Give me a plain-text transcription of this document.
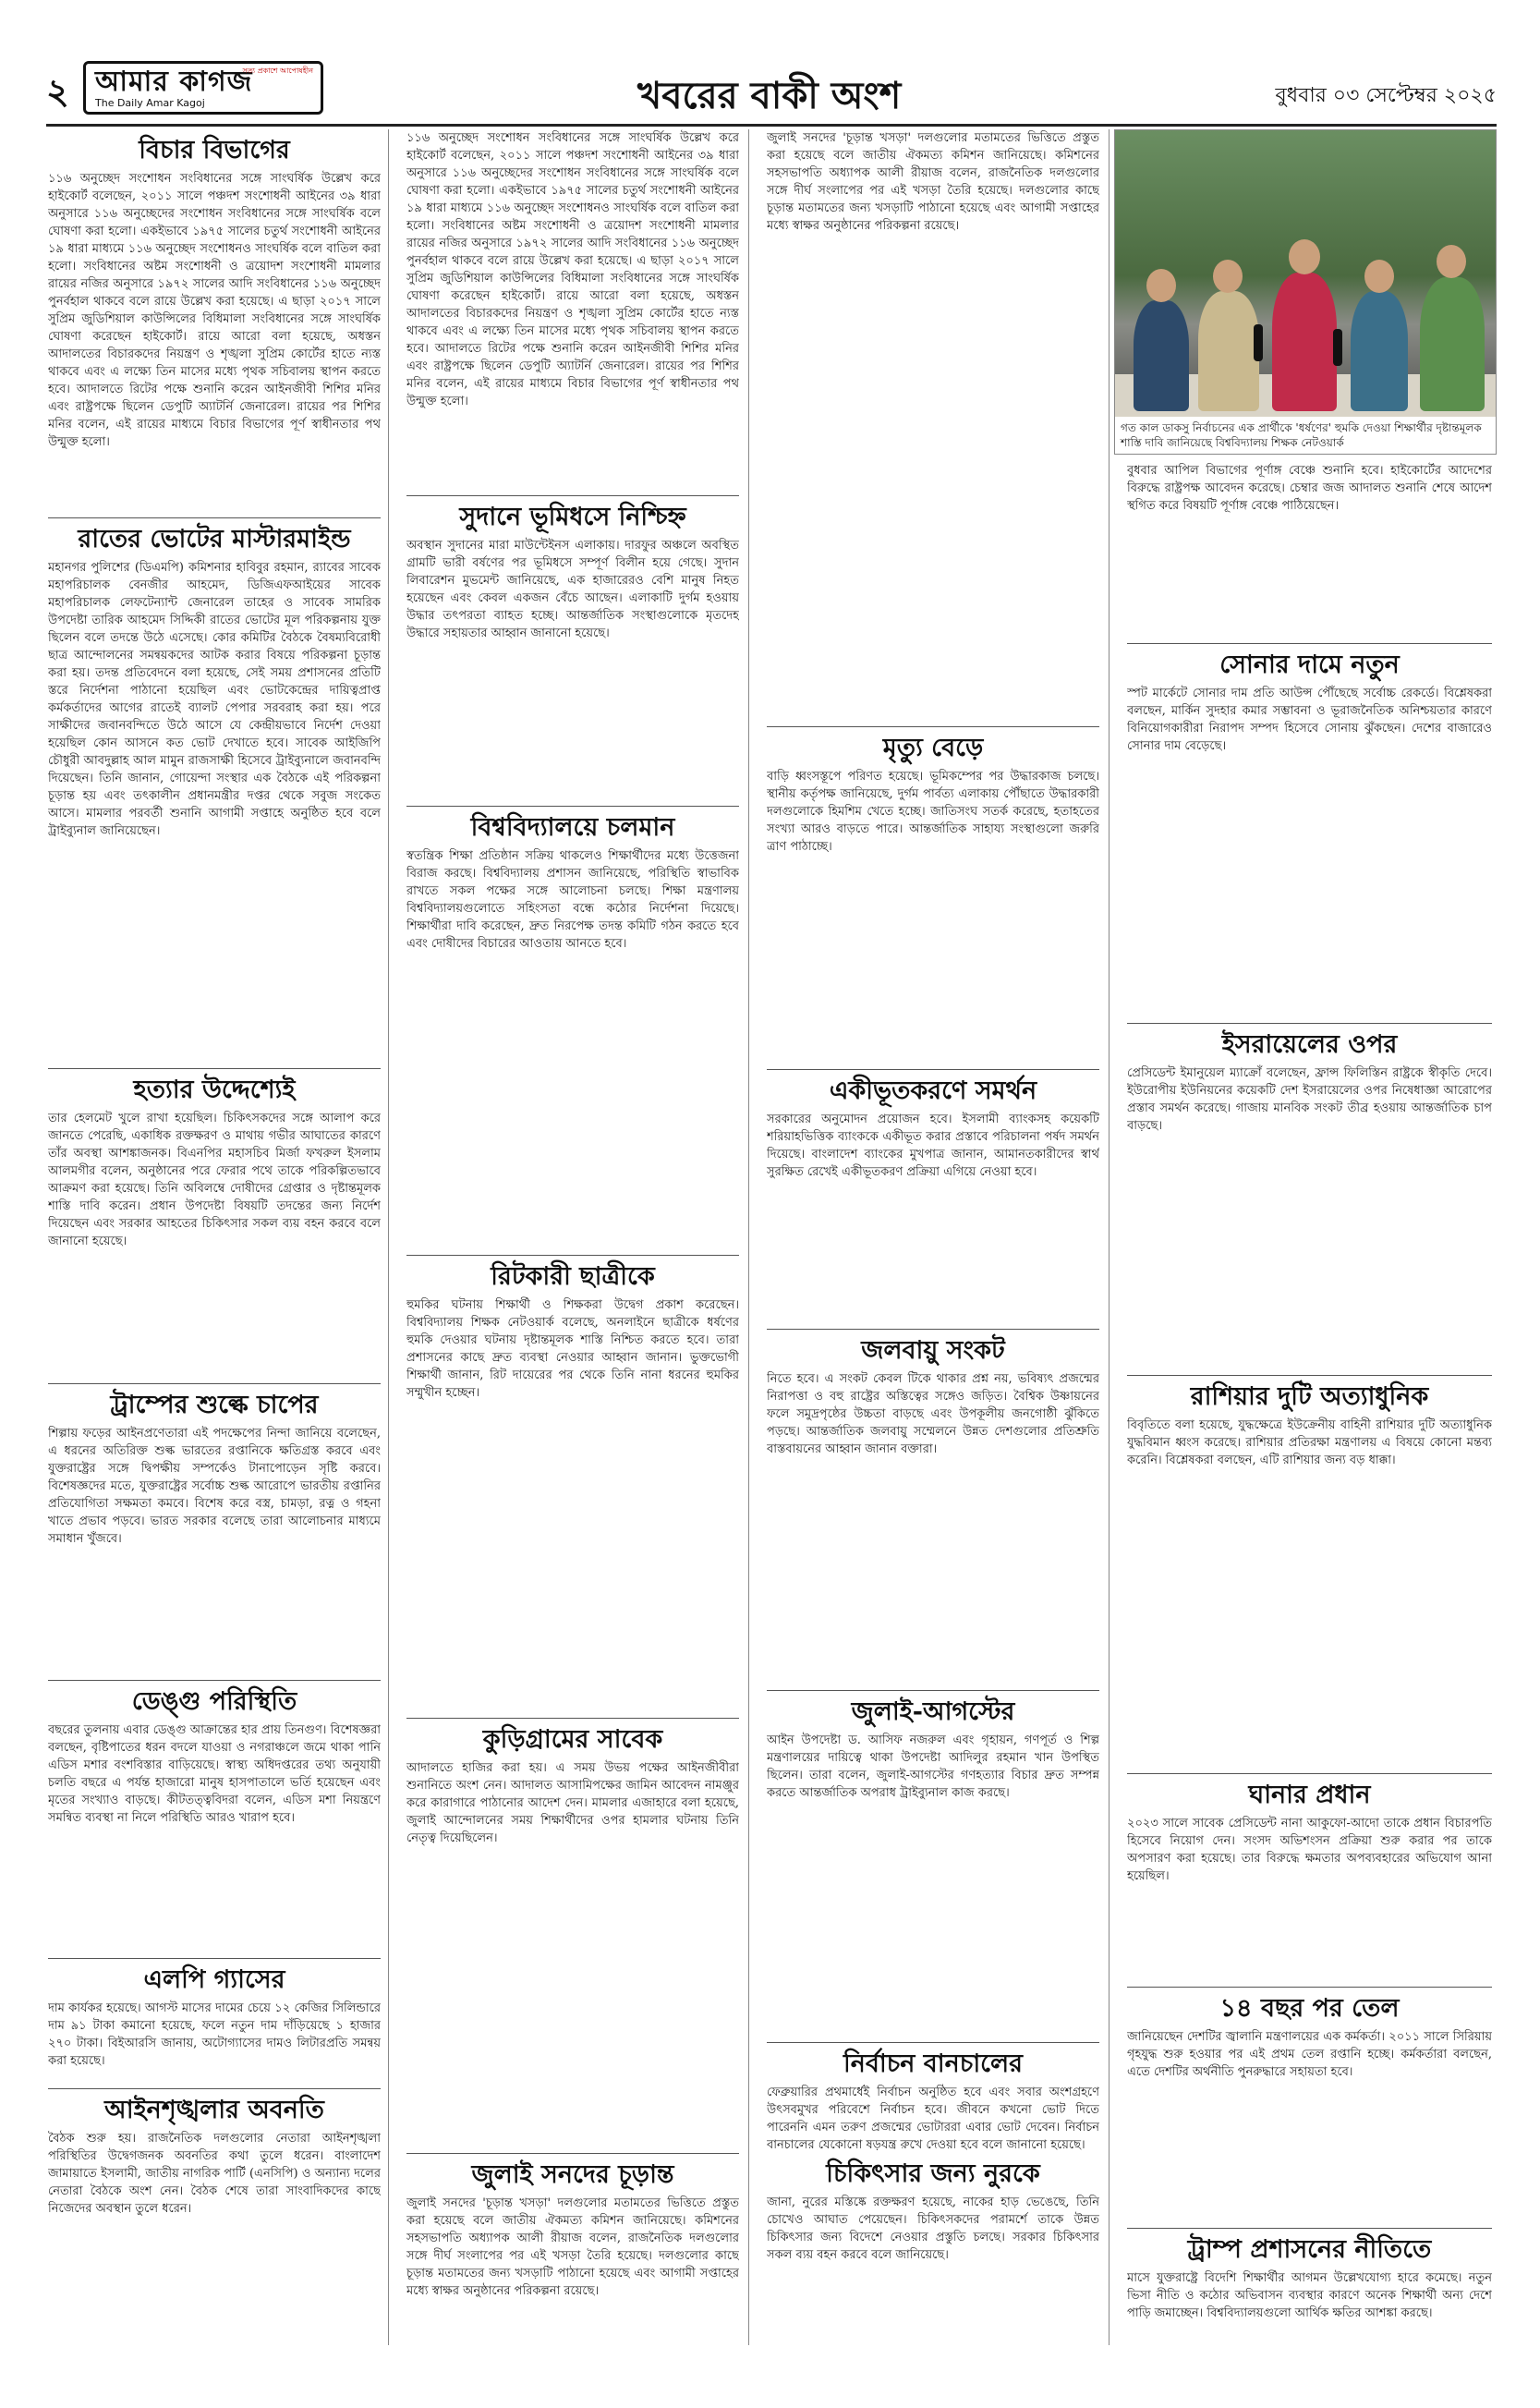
২	সত্য প্রকাশে আপোষহীন
আমার কাগজ
The Daily Amar Kagoj	খবরের বাকী অংশ	বুধবার ০৩ সেপ্টেম্বর ২০২৫
বিচার বিভাগের
১১৬ অনুচ্ছেদ সংশোধন সংবিধানের সঙ্গে সাংঘর্ষিক উল্লেখ করে হাইকোর্ট বলেছেন, ২০১১ সালে পঞ্চদশ সংশোধনী আইনের ৩৯ ধারা অনুসারে ১১৬ অনুচ্ছেদের সংশোধন সংবিধানের সঙ্গে সাংঘর্ষিক বলে ঘোষণা করা হলো। একইভাবে ১৯৭৫ সালের চতুর্থ সংশোধনী আইনের ১৯ ধারা মাধ্যমে ১১৬ অনুচ্ছেদ সংশোধনও সাংঘর্ষিক বলে বাতিল করা হলো। সংবিধানের অষ্টম সংশোধনী ও ত্রয়োদশ সংশোধনী মামলার রায়ের নজির অনুসারে ১৯৭২ সালের আদি সংবিধানের ১১৬ অনুচ্ছেদ পুনর্বহাল থাকবে বলে রায়ে উল্লেখ করা হয়েছে। এ ছাড়া ২০১৭ সালে সুপ্রিম জুডিশিয়াল কাউন্সিলের বিধিমালা সংবিধানের সঙ্গে সাংঘর্ষিক ঘোষণা করেছেন হাইকোর্ট। রায়ে আরো বলা হয়েছে, অধস্তন আদালতের বিচারকদের নিয়ন্ত্রণ ও শৃঙ্খলা সুপ্রিম কোর্টের হাতে ন্যস্ত থাকবে এবং এ লক্ষ্যে তিন মাসের মধ্যে পৃথক সচিবালয় স্থাপন করতে হবে। আদালতে রিটের পক্ষে শুনানি করেন আইনজীবী শিশির মনির এবং রাষ্ট্রপক্ষে ছিলেন ডেপুটি অ্যাটর্নি জেনারেল। রায়ের পর শিশির মনির বলেন, এই রায়ের মাধ্যমে বিচার বিভাগের পূর্ণ স্বাধীনতার পথ উন্মুক্ত হলো।
রাতের ভোটের মাস্টারমাইন্ড
মহানগর পুলিশের (ডিএমপি) কমিশনার হাবিবুর রহমান, র‍্যাবের সাবেক মহাপরিচালক বেনজীর আহমেদ, ডিজিএফআইয়ের সাবেক মহাপরিচালক লেফটেন্যান্ট জেনারেল তাহের ও সাবেক সামরিক উপদেষ্টা তারিক আহমেদ সিদ্দিকী রাতের ভোটের মূল পরিকল্পনায় যুক্ত ছিলেন বলে তদন্তে উঠে এসেছে। কোর কমিটির বৈঠকে বৈষম্যবিরোধী ছাত্র আন্দোলনের সমন্বয়কদের আটক করার বিষয়ে পরিকল্পনা চূড়ান্ত করা হয়। তদন্ত প্রতিবেদনে বলা হয়েছে, সেই সময় প্রশাসনের প্রতিটি স্তরে নির্দেশনা পাঠানো হয়েছিল এবং ভোটকেন্দ্রের দায়িত্বপ্রাপ্ত কর্মকর্তাদের আগের রাতেই ব্যালট পেপার সরবরাহ করা হয়। পরে সাক্ষীদের জবানবন্দিতে উঠে আসে যে কেন্দ্রীয়ভাবে নির্দেশ দেওয়া হয়েছিল কোন আসনে কত ভোট দেখাতে হবে। সাবেক আইজিপি চৌধুরী আবদুল্লাহ আল মামুন রাজসাক্ষী হিসেবে ট্রাইব্যুনালে জবানবন্দি দিয়েছেন। তিনি জানান, গোয়েন্দা সংস্থার এক বৈঠকে এই পরিকল্পনা চূড়ান্ত হয় এবং তৎকালীন প্রধানমন্ত্রীর দপ্তর থেকে সবুজ সংকেত আসে। মামলার পরবর্তী শুনানি আগামী সপ্তাহে অনুষ্ঠিত হবে বলে ট্রাইব্যুনাল জানিয়েছেন।
হত্যার উদ্দেশ্যেই
তার হেলমেট খুলে রাখা হয়েছিল। চিকিৎসকদের সঙ্গে আলাপ করে জানতে পেরেছি, একাধিক রক্তক্ষরণ ও মাথায় গভীর আঘাতের কারণে তাঁর অবস্থা আশঙ্কাজনক। বিএনপির মহাসচিব মির্জা ফখরুল ইসলাম আলমগীর বলেন, অনুষ্ঠানের পরে ফেরার পথে তাকে পরিকল্পিতভাবে আক্রমণ করা হয়েছে। তিনি অবিলম্বে দোষীদের গ্রেপ্তার ও দৃষ্টান্তমূলক শাস্তি দাবি করেন। প্রধান উপদেষ্টা বিষয়টি তদন্তের জন্য নির্দেশ দিয়েছেন এবং সরকার আহতের চিকিৎসার সকল ব্যয় বহন করবে বলে জানানো হয়েছে।
ট্রাম্পের শুল্কে চাপের
শিল্পায় ফড়ের আইনপ্রণেতারা এই পদক্ষেপের নিন্দা জানিয়ে বলেছেন, এ ধরনের অতিরিক্ত শুল্ক ভারতের রপ্তানিকে ক্ষতিগ্রস্ত করবে এবং যুক্তরাষ্ট্রের সঙ্গে দ্বিপক্ষীয় সম্পর্কেও টানাপোড়েন সৃষ্টি করবে। বিশেষজ্ঞদের মতে, যুক্তরাষ্ট্রের সর্বোচ্চ শুল্ক আরোপে ভারতীয় রপ্তানির প্রতিযোগিতা সক্ষমতা কমবে। বিশেষ করে বস্ত্র, চামড়া, রত্ন ও গহনা খাতে প্রভাব পড়বে। ভারত সরকার বলেছে তারা আলোচনার মাধ্যমে সমাধান খুঁজবে।
ডেঙ্গু পরিস্থিতি
বছরের তুলনায় এবার ডেঙ্গু আক্রান্তের হার প্রায় তিনগুণ। বিশেষজ্ঞরা বলছেন, বৃষ্টিপাতের ধরন বদলে যাওয়া ও নগরাঞ্চলে জমে থাকা পানি এডিস মশার বংশবিস্তার বাড়িয়েছে। স্বাস্থ্য অধিদপ্তরের তথ্য অনুযায়ী চলতি বছরে এ পর্যন্ত হাজারো মানুষ হাসপাতালে ভর্তি হয়েছেন এবং মৃতের সংখ্যাও বাড়ছে। কীটতত্ত্ববিদরা বলেন, এডিস মশা নিয়ন্ত্রণে সমন্বিত ব্যবস্থা না নিলে পরিস্থিতি আরও খারাপ হবে।
এলপি গ্যাসের
দাম কার্যকর হয়েছে। আগস্ট মাসের দামের চেয়ে ১২ কেজির সিলিন্ডারে দাম ৯১ টাকা কমানো হয়েছে, ফলে নতুন দাম দাঁড়িয়েছে ১ হাজার ২৭০ টাকা। বিইআরসি জানায়, অটোগ্যাসের দামও লিটারপ্রতি সমন্বয় করা হয়েছে।
আইনশৃঙ্খলার অবনতি
বৈঠক শুরু হয়। রাজনৈতিক দলগুলোর নেতারা আইনশৃঙ্খলা পরিস্থিতির উদ্বেগজনক অবনতির কথা তুলে ধরেন। বাংলাদেশ জামায়াতে ইসলামী, জাতীয় নাগরিক পার্টি (এনসিপি) ও অন্যান্য দলের নেতারা বৈঠকে অংশ নেন। বৈঠক শেষে তারা সাংবাদিকদের কাছে নিজেদের অবস্থান তুলে ধরেন।
১১৬ অনুচ্ছেদ সংশোধন সংবিধানের সঙ্গে সাংঘর্ষিক উল্লেখ করে হাইকোর্ট বলেছেন, ২০১১ সালে পঞ্চদশ সংশোধনী আইনের ৩৯ ধারা অনুসারে ১১৬ অনুচ্ছেদের সংশোধন সংবিধানের সঙ্গে সাংঘর্ষিক বলে ঘোষণা করা হলো। একইভাবে ১৯৭৫ সালের চতুর্থ সংশোধনী আইনের ১৯ ধারা মাধ্যমে ১১৬ অনুচ্ছেদ সংশোধনও সাংঘর্ষিক বলে বাতিল করা হলো। সংবিধানের অষ্টম সংশোধনী ও ত্রয়োদশ সংশোধনী মামলার রায়ের নজির অনুসারে ১৯৭২ সালের আদি সংবিধানের ১১৬ অনুচ্ছেদ পুনর্বহাল থাকবে বলে রায়ে উল্লেখ করা হয়েছে। এ ছাড়া ২০১৭ সালে সুপ্রিম জুডিশিয়াল কাউন্সিলের বিধিমালা সংবিধানের সঙ্গে সাংঘর্ষিক ঘোষণা করেছেন হাইকোর্ট। রায়ে আরো বলা হয়েছে, অধস্তন আদালতের বিচারকদের নিয়ন্ত্রণ ও শৃঙ্খলা সুপ্রিম কোর্টের হাতে ন্যস্ত থাকবে এবং এ লক্ষ্যে তিন মাসের মধ্যে পৃথক সচিবালয় স্থাপন করতে হবে। আদালতে রিটের পক্ষে শুনানি করেন আইনজীবী শিশির মনির এবং রাষ্ট্রপক্ষে ছিলেন ডেপুটি অ্যাটর্নি জেনারেল। রায়ের পর শিশির মনির বলেন, এই রায়ের মাধ্যমে বিচার বিভাগের পূর্ণ স্বাধীনতার পথ উন্মুক্ত হলো।
সুদানে ভূমিধসে নিশ্চিহ্ন
অবস্থান সুদানের মারা মাউন্টেইনস এলাকায়। দারফুর অঞ্চলে অবস্থিত গ্রামটি ভারী বর্ষণের পর ভূমিধসে সম্পূর্ণ বিলীন হয়ে গেছে। সুদান লিবারেশন মুভমেন্ট জানিয়েছে, এক হাজারেরও বেশি মানুষ নিহত হয়েছেন এবং কেবল একজন বেঁচে আছেন। এলাকাটি দুর্গম হওয়ায় উদ্ধার তৎপরতা ব্যাহত হচ্ছে। আন্তর্জাতিক সংস্থাগুলোকে মৃতদেহ উদ্ধারে সহায়তার আহ্বান জানানো হয়েছে।
বিশ্ববিদ্যালয়ে চলমান
স্বতন্ত্রিক শিক্ষা প্রতিষ্ঠান সক্রিয় থাকলেও শিক্ষার্থীদের মধ্যে উত্তেজনা বিরাজ করছে। বিশ্ববিদ্যালয় প্রশাসন জানিয়েছে, পরিস্থিতি স্বাভাবিক রাখতে সকল পক্ষের সঙ্গে আলোচনা চলছে। শিক্ষা মন্ত্রণালয় বিশ্ববিদ্যালয়গুলোতে সহিংসতা বন্ধে কঠোর নির্দেশনা দিয়েছে। শিক্ষার্থীরা দাবি করেছেন, দ্রুত নিরপেক্ষ তদন্ত কমিটি গঠন করতে হবে এবং দোষীদের বিচারের আওতায় আনতে হবে।
রিটকারী ছাত্রীকে
হুমকির ঘটনায় শিক্ষার্থী ও শিক্ষকরা উদ্বেগ প্রকাশ করেছেন। বিশ্ববিদ্যালয় শিক্ষক নেটওয়ার্ক বলেছে, অনলাইনে ছাত্রীকে ধর্ষণের হুমকি দেওয়ার ঘটনায় দৃষ্টান্তমূলক শাস্তি নিশ্চিত করতে হবে। তারা প্রশাসনের কাছে দ্রুত ব্যবস্থা নেওয়ার আহ্বান জানান। ভুক্তভোগী শিক্ষার্থী জানান, রিট দায়েরের পর থেকে তিনি নানা ধরনের হুমকির সম্মুখীন হচ্ছেন।
কুড়িগ্রামের সাবেক
আদালতে হাজির করা হয়। এ সময় উভয় পক্ষের আইনজীবীরা শুনানিতে অংশ নেন। আদালত আসামিপক্ষের জামিন আবেদন নামঞ্জুর করে কারাগারে পাঠানোর আদেশ দেন। মামলার এজাহারে বলা হয়েছে, জুলাই আন্দোলনের সময় শিক্ষার্থীদের ওপর হামলার ঘটনায় তিনি নেতৃত্ব দিয়েছিলেন।
জুলাই সনদের চূড়ান্ত
জুলাই সনদের 'চূড়ান্ত খসড়া' দলগুলোর মতামতের ভিত্তিতে প্রস্তুত করা হয়েছে বলে জাতীয় ঐকমত্য কমিশন জানিয়েছে। কমিশনের সহসভাপতি অধ্যাপক আলী রীয়াজ বলেন, রাজনৈতিক দলগুলোর সঙ্গে দীর্ঘ সংলাপের পর এই খসড়া তৈরি হয়েছে। দলগুলোর কাছে চূড়ান্ত মতামতের জন্য খসড়াটি পাঠানো হয়েছে এবং আগামী সপ্তাহের মধ্যে স্বাক্ষর অনুষ্ঠানের পরিকল্পনা রয়েছে।
জুলাই সনদের 'চূড়ান্ত খসড়া' দলগুলোর মতামতের ভিত্তিতে প্রস্তুত করা হয়েছে বলে জাতীয় ঐকমত্য কমিশন জানিয়েছে। কমিশনের সহসভাপতি অধ্যাপক আলী রীয়াজ বলেন, রাজনৈতিক দলগুলোর সঙ্গে দীর্ঘ সংলাপের পর এই খসড়া তৈরি হয়েছে। দলগুলোর কাছে চূড়ান্ত মতামতের জন্য খসড়াটি পাঠানো হয়েছে এবং আগামী সপ্তাহের মধ্যে স্বাক্ষর অনুষ্ঠানের পরিকল্পনা রয়েছে।
মৃত্যু বেড়ে
বাড়ি ধ্বংসস্তূপে পরিণত হয়েছে। ভূমিকম্পের পর উদ্ধারকাজ চলছে। স্থানীয় কর্তৃপক্ষ জানিয়েছে, দুর্গম পার্বত্য এলাকায় পৌঁছাতে উদ্ধারকারী দলগুলোকে হিমশিম খেতে হচ্ছে। জাতিসংঘ সতর্ক করেছে, হতাহতের সংখ্যা আরও বাড়তে পারে। আন্তর্জাতিক সাহায্য সংস্থাগুলো জরুরি ত্রাণ পাঠাচ্ছে।
একীভূতকরণে সমর্থন
সরকারের অনুমোদন প্রয়োজন হবে। ইসলামী ব্যাংকসহ কয়েকটি শরিয়াহভিত্তিক ব্যাংককে একীভূত করার প্রস্তাবে পরিচালনা পর্ষদ সমর্থন দিয়েছে। বাংলাদেশ ব্যাংকের মুখপাত্র জানান, আমানতকারীদের স্বার্থ সুরক্ষিত রেখেই একীভূতকরণ প্রক্রিয়া এগিয়ে নেওয়া হবে।
জলবায়ু সংকট
নিতে হবে। এ সংকট কেবল টিকে থাকার প্রশ্ন নয়, ভবিষ্যৎ প্রজন্মের নিরাপত্তা ও বহু রাষ্ট্রের অস্তিত্বের সঙ্গেও জড়িত। বৈশ্বিক উষ্ণায়নের ফলে সমুদ্রপৃষ্ঠের উচ্চতা বাড়ছে এবং উপকূলীয় জনগোষ্ঠী ঝুঁকিতে পড়ছে। আন্তর্জাতিক জলবায়ু সম্মেলনে উন্নত দেশগুলোর প্রতিশ্রুতি বাস্তবায়নের আহ্বান জানান বক্তারা।
জুলাই-আগস্টের
আইন উপদেষ্টা ড. আসিফ নজরুল এবং গৃহায়ন, গণপূর্ত ও শিল্প মন্ত্রণালয়ের দায়িত্বে থাকা উপদেষ্টা আদিলুর রহমান খান উপস্থিত ছিলেন। তারা বলেন, জুলাই-আগস্টের গণহত্যার বিচার দ্রুত সম্পন্ন করতে আন্তর্জাতিক অপরাধ ট্রাইব্যুনাল কাজ করছে।
নির্বাচন বানচালের
ফেব্রুয়ারির প্রথমার্ধেই নির্বাচন অনুষ্ঠিত হবে এবং সবার অংশগ্রহণে উৎসবমুখর পরিবেশে নির্বাচন হবে। জীবনে কখনো ভোট দিতে পারেননি এমন তরুণ প্রজন্মের ভোটাররা এবার ভোট দেবেন। নির্বাচন বানচালের যেকোনো ষড়যন্ত্র রুখে দেওয়া হবে বলে জানানো হয়েছে।
গত কাল ডাকসু নির্বাচনের এক প্রার্থীকে 'ধর্ষণের' হুমকি দেওয়া শিক্ষার্থীর দৃষ্টান্তমূলক শাস্তি দাবি জানিয়েছে বিশ্ববিদ্যালয় শিক্ষক নেটওয়ার্ক
বুধবার আপিল বিভাগের পূর্ণাঙ্গ বেঞ্চে শুনানি হবে। হাইকোর্টের আদেশের বিরুদ্ধে রাষ্ট্রপক্ষ আবেদন করেছে। চেম্বার জজ আদালত শুনানি শেষে আদেশ স্থগিত করে বিষয়টি পূর্ণাঙ্গ বেঞ্চে পাঠিয়েছেন।
সোনার দামে নতুন
স্পট মার্কেটে সোনার দাম প্রতি আউন্স পৌঁছেছে সর্বোচ্চ রেকর্ডে। বিশ্লেষকরা বলছেন, মার্কিন সুদহার কমার সম্ভাবনা ও ভূরাজনৈতিক অনিশ্চয়তার কারণে বিনিয়োগকারীরা নিরাপদ সম্পদ হিসেবে সোনায় ঝুঁকছেন। দেশের বাজারেও সোনার দাম বেড়েছে।
ইসরায়েলের ওপর
প্রেসিডেন্ট ইমানুয়েল ম্যাক্রোঁ বলেছেন, ফ্রান্স ফিলিস্তিন রাষ্ট্রকে স্বীকৃতি দেবে। ইউরোপীয় ইউনিয়নের কয়েকটি দেশ ইসরায়েলের ওপর নিষেধাজ্ঞা আরোপের প্রস্তাব সমর্থন করেছে। গাজায় মানবিক সংকট তীব্র হওয়ায় আন্তর্জাতিক চাপ বাড়ছে।
রাশিয়ার দুটি অত্যাধুনিক
বিবৃতিতে বলা হয়েছে, যুদ্ধক্ষেত্রে ইউক্রেনীয় বাহিনী রাশিয়ার দুটি অত্যাধুনিক যুদ্ধবিমান ধ্বংস করেছে। রাশিয়ার প্রতিরক্ষা মন্ত্রণালয় এ বিষয়ে কোনো মন্তব্য করেনি। বিশ্লেষকরা বলছেন, এটি রাশিয়ার জন্য বড় ধাক্কা।
ঘানার প্রধান
২০২৩ সালে সাবেক প্রেসিডেন্ট নানা আকুফো-আদো তাকে প্রধান বিচারপতি হিসেবে নিয়োগ দেন। সংসদ অভিশংসন প্রক্রিয়া শুরু করার পর তাকে অপসারণ করা হয়েছে। তার বিরুদ্ধে ক্ষমতার অপব্যবহারের অভিযোগ আনা হয়েছিল।
১৪ বছর পর তেল
জানিয়েছেন দেশটির জ্বালানি মন্ত্রণালয়ের এক কর্মকর্তা। ২০১১ সালে সিরিয়ায় গৃহযুদ্ধ শুরু হওয়ার পর এই প্রথম তেল রপ্তানি হচ্ছে। কর্মকর্তারা বলছেন, এতে দেশটির অর্থনীতি পুনরুদ্ধারে সহায়তা হবে।
ট্রাম্প প্রশাসনের নীতিতে
মাসে যুক্তরাষ্ট্রে বিদেশি শিক্ষার্থীর আগমন উল্লেখযোগ্য হারে কমেছে। নতুন ভিসা নীতি ও কঠোর অভিবাসন ব্যবস্থার কারণে অনেক শিক্ষার্থী অন্য দেশে পাড়ি জমাচ্ছেন। বিশ্ববিদ্যালয়গুলো আর্থিক ক্ষতির আশঙ্কা করছে।
চিকিৎসার জন্য নুরকে
জানা, নুরের মস্তিষ্কে রক্তক্ষরণ হয়েছে, নাকের হাড় ভেঙেছে, তিনি চোখেও আঘাত পেয়েছেন। চিকিৎসকদের পরামর্শে তাকে উন্নত চিকিৎসার জন্য বিদেশে নেওয়ার প্রস্তুতি চলছে। সরকার চিকিৎসার সকল ব্যয় বহন করবে বলে জানিয়েছে।
